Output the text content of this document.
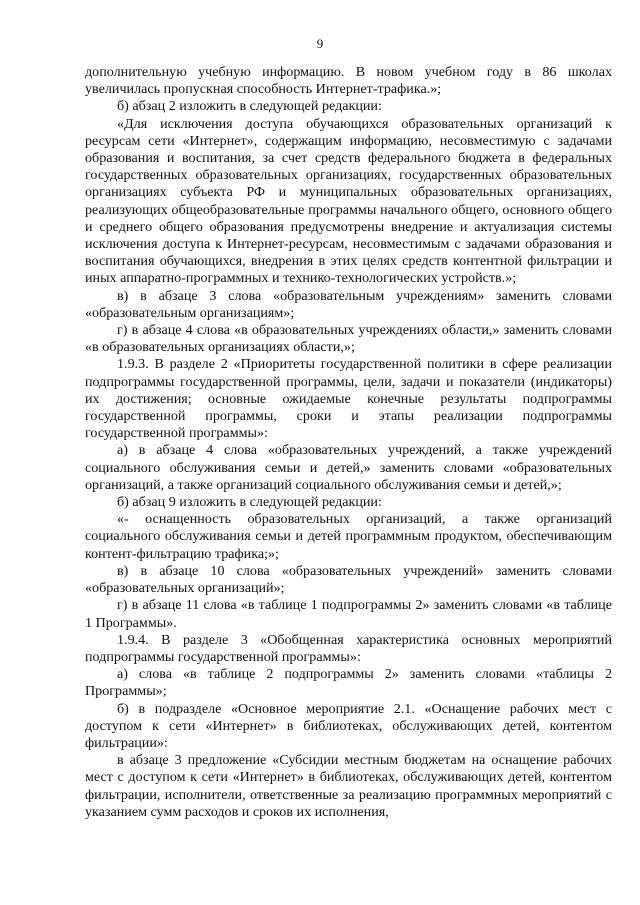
9

дополнительную учебную информацию. В новом учебном году в 86 школах увеличилась пропускная способность Интернет-трафика.»;

б) абзац 2 изложить в следующей редакции:

«Для исключения доступа обучающихся образовательных организаций к ресурсам сети «Интернет», содержащим информацию, несовместимую с задачами образования и воспитания, за счет средств федерального бюджета в федеральных государственных образовательных организациях, государственных образовательных организациях субъекта РФ и муниципальных образовательных организациях, реализующих общеобразовательные программы начального общего, основного общего и среднего общего образования предусмотрены внедрение и актуализация системы исключения доступа к Интернет-ресурсам, несовместимым с задачами образования и воспитания обучающихся, внедрения в этих целях средств контентной фильтрации и иных аппаратно-программных и технико-технологических устройств.»;

в) в абзаце 3 слова «образовательным учреждениям» заменить словами «образовательным организациям»;

г) в абзаце 4 слова «в образовательных учреждениях области,» заменить словами «в образовательных организациях области,»;

1.9.3. В разделе 2 «Приоритеты государственной политики в сфере реализации подпрограммы государственной программы, цели, задачи и показатели (индикаторы) их достижения; основные ожидаемые конечные результаты подпрограммы государственной программы, сроки и этапы реализации подпрограммы государственной программы»:

а) в абзаце 4 слова «образовательных учреждений, а также учреждений социального обслуживания семьи и детей,» заменить словами «образовательных организаций, а также организаций социального обслуживания семьи и детей,»;

б) абзац 9 изложить в следующей редакции:

«- оснащенность образовательных организаций, а также организаций социального обслуживания семьи и детей программным продуктом, обеспечивающим контент-фильтрацию трафика;»;

в) в абзаце 10 слова «образовательных учреждений» заменить словами «образовательных организаций»;

г) в абзаце 11 слова «в таблице 1 подпрограммы 2» заменить словами «в таблице 1 Программы».

1.9.4. В разделе 3 «Обобщенная характеристика основных мероприятий подпрограммы государственной программы»:

а) слова «в таблице 2 подпрограммы 2» заменить словами «таблицы 2 Программы»;

б) в подразделе «Основное мероприятие 2.1. «Оснащение рабочих мест с доступом к сети «Интернет» в библиотеках, обслуживающих детей, контентом фильтрации»:

в абзаце 3 предложение «Субсидии местным бюджетам на оснащение рабочих мест с доступом к сети «Интернет» в библиотеках, обслуживающих детей, контентом фильтрации, исполнители, ответственные за реализацию программных мероприятий с указанием сумм расходов и сроков их исполнения,
